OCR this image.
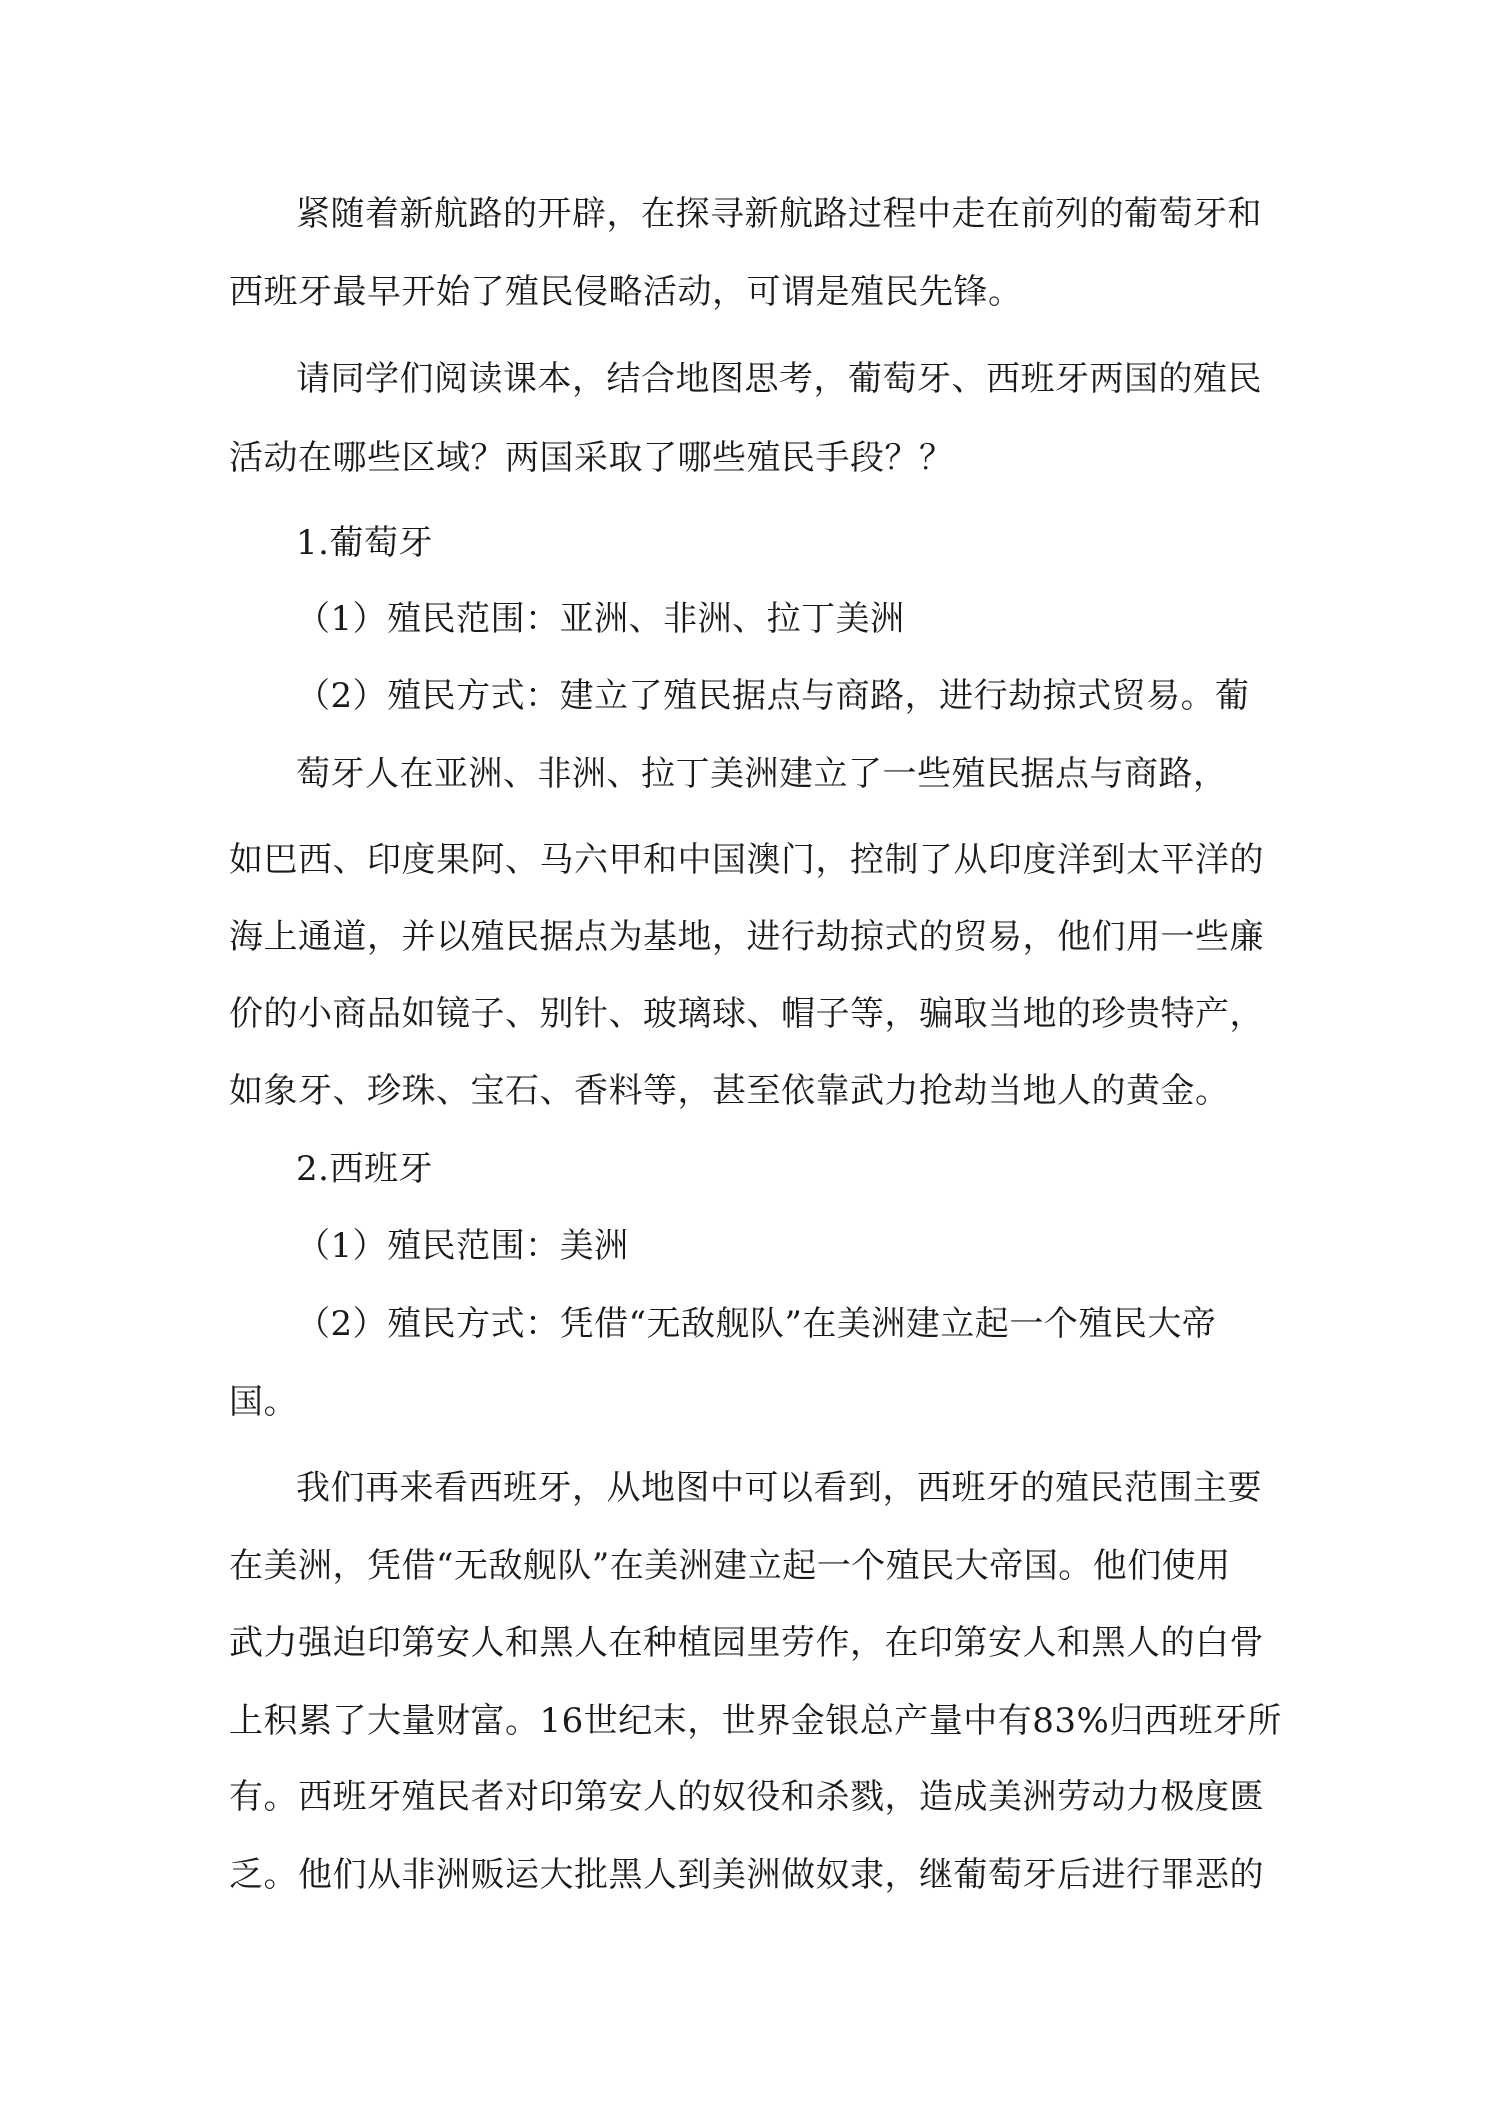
紧随着新航路的开辟，在探寻新航路过程中走在前列的葡萄牙和
西班牙最早开始了殖民侵略活动，可谓是殖民先锋。
请同学们阅读课本，结合地图思考，葡萄牙、西班牙两国的殖民
活动在哪些区域？两国采取了哪些殖民手段？？
1.葡萄牙
（1）殖民范围：亚洲、非洲、拉丁美洲
（2）殖民方式：建立了殖民据点与商路，进行劫掠式贸易。葡
萄牙人在亚洲、非洲、拉丁美洲建立了一些殖民据点与商路，
如巴西、印度果阿、马六甲和中国澳门，控制了从印度洋到太平洋的
海上通道，并以殖民据点为基地，进行劫掠式的贸易，他们用一些廉
价的小商品如镜子、别针、玻璃球、帽子等，骗取当地的珍贵特产，
如象牙、珍珠、宝石、香料等，甚至依靠武力抢劫当地人的黄金。
2.西班牙
（1）殖民范围：美洲
（2）殖民方式：凭借“无敌舰队”在美洲建立起一个殖民大帝
国。
我们再来看西班牙，从地图中可以看到，西班牙的殖民范围主要
在美洲，凭借“无敌舰队”在美洲建立起一个殖民大帝国。他们使用
武力强迫印第安人和黑人在种植园里劳作，在印第安人和黑人的白骨
上积累了大量财富。16世纪末，世界金银总产量中有83%归西班牙所
有。西班牙殖民者对印第安人的奴役和杀戮，造成美洲劳动力极度匮
乏。他们从非洲贩运大批黑人到美洲做奴隶，继葡萄牙后进行罪恶的
